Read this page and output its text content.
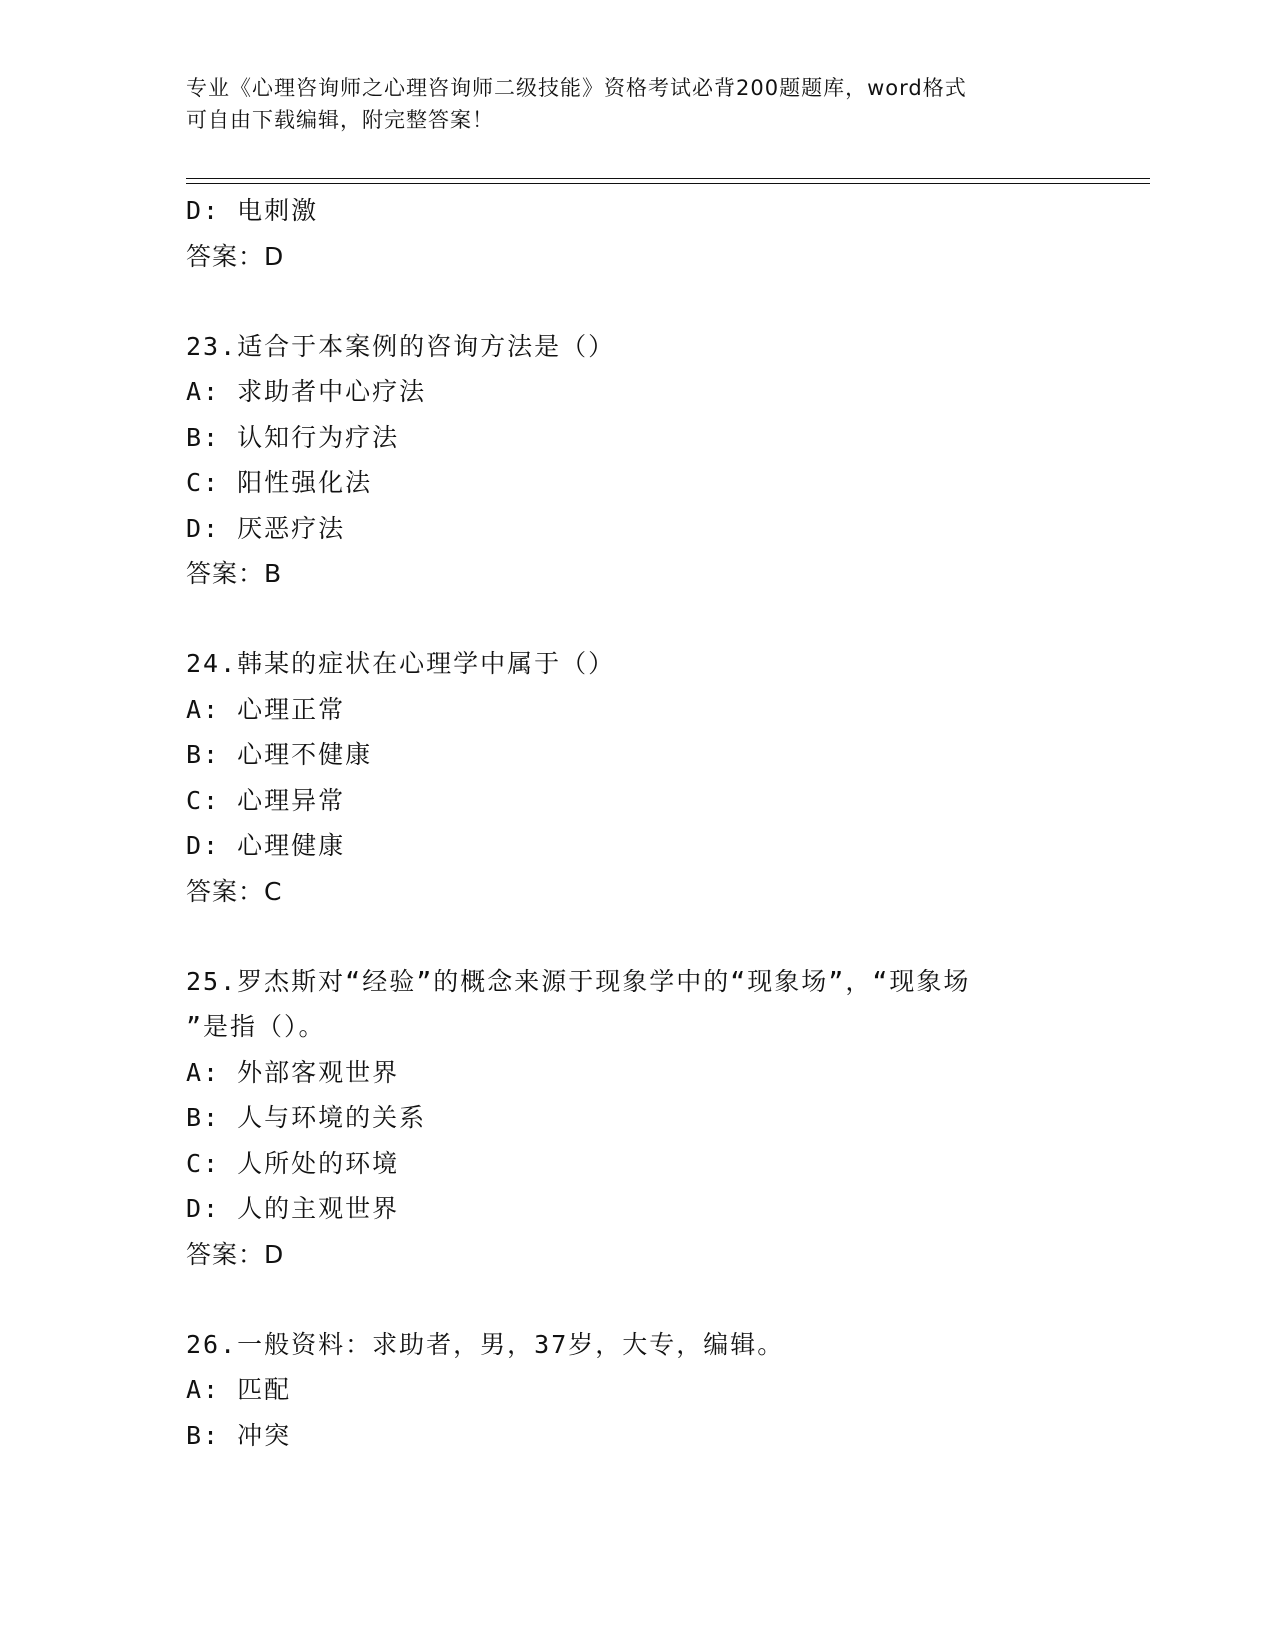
专业《心理咨询师之心理咨询师二级技能》资格考试必背200题题库，word格式
可自由下载编辑，附完整答案！
D: 电刺激
答案：D
23.适合于本案例的咨询方法是（）
A: 求助者中心疗法
B: 认知行为疗法
C: 阳性强化法
D: 厌恶疗法
答案：B
24.韩某的症状在心理学中属于（）
A: 心理正常
B: 心理不健康
C: 心理异常
D: 心理健康
答案：C
25.罗杰斯对“经验”的概念来源于现象学中的“现象场”，“现象场
”是指（）。
A: 外部客观世界
B: 人与环境的关系
C: 人所处的环境
D: 人的主观世界
答案：D
26.一般资料：求助者，男，37岁，大专，编辑。
A: 匹配
B: 冲突
